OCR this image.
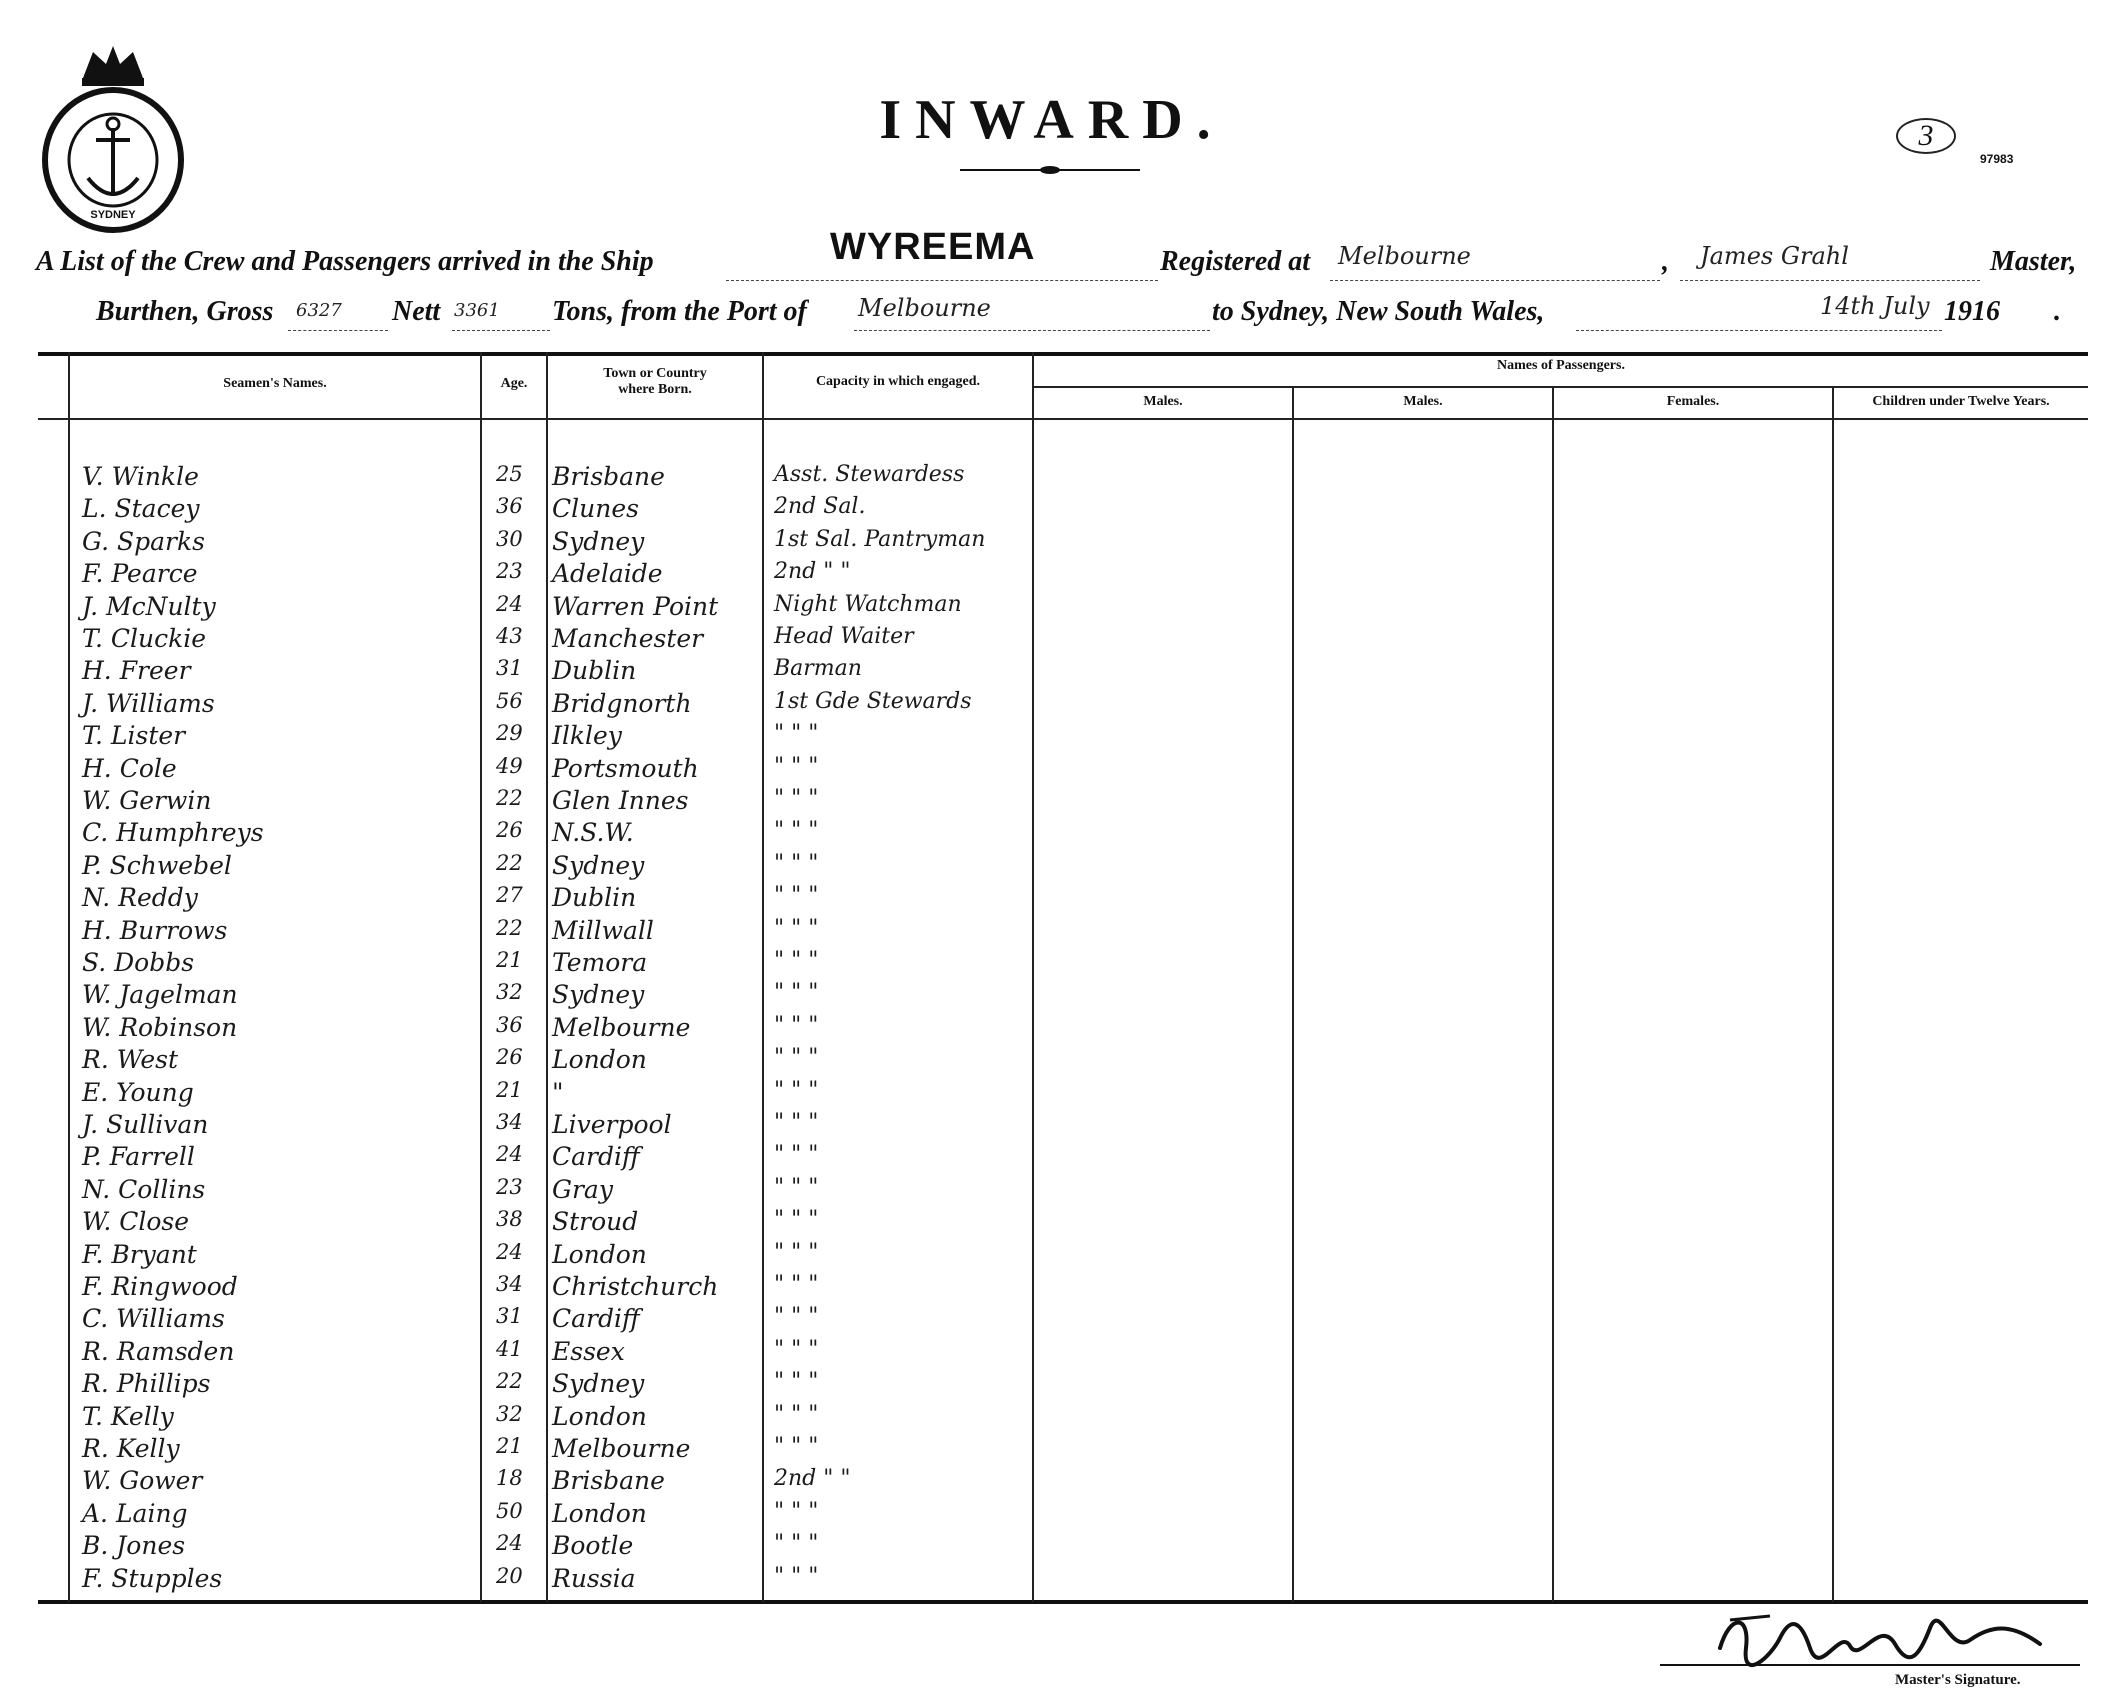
SYDNEY
INWARD.	3
97983
A List of the Crew and Passengers arrived in the Ship	WYREEMA	Registered at Melbourne	, James Grahl	Master,
Burthen, Gross 6327 Nett 3361 Tons, from the Port of Melbourne	to Sydney, New South Wales,	14th July 1916 .
Seamen's Names.	Age.
Town or Country where Born.
Capacity in which engaged.
Names of Passengers.
Males.	Males.	Females.	Children under Twelve Years.
V. Winkle	25 Brisbane	Asst. Stewardess
L. Stacey	36 Clunes	2nd Sal.
G. Sparks	30 Sydney	1st Sal. Pantryman
F. Pearce	23 Adelaide	2nd " "
J. McNulty	24 Warren Point	Night Watchman
T. Cluckie	43 Manchester	Head Waiter
H. Freer	31 Dublin	Barman
J. Williams	56 Bridgnorth	1st Gde Stewards
T. Lister	29 Ilkley	" " "
H. Cole	49 Portsmouth	" " "
W. Gerwin	22 Glen Innes	" " "
C. Humphreys	26 N.S.W.	" " "
P. Schwebel	22 Sydney	" " "
N. Reddy	27 Dublin	" " "
H. Burrows	22 Millwall	" " "
S. Dobbs	21 Temora	" " "
W. Jagelman	32 Sydney	" " "
W. Robinson	36 Melbourne	" " "
R. West	26 London	" " "
E. Young	21 "	" " "
J. Sullivan	34 Liverpool	" " "
P. Farrell	24 Cardiff	" " "
N. Collins	23 Gray	" " "
W. Close	38 Stroud	" " "
F. Bryant	24 London	" " "
F. Ringwood	34 Christchurch	" " "
C. Williams	31 Cardiff	" " "
R. Ramsden	41 Essex	" " "
R. Phillips	22 Sydney	" " "
T. Kelly	32 London	" " "
R. Kelly	21 Melbourne	" " "
W. Gower	18 Brisbane	2nd " "
A. Laing	50 London	" " "
B. Jones	24 Bootle	" " "
F. Stupples	20 Russia	" " "
Master's Signature.
